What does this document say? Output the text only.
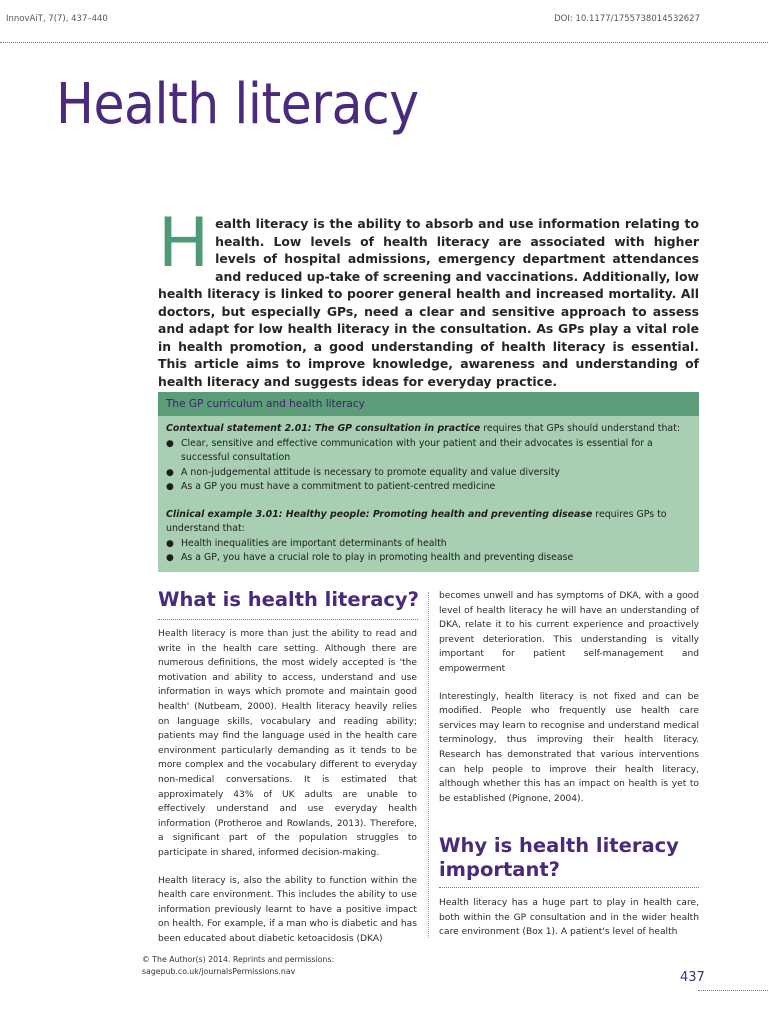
InnovAiT, 7(7), 437–440	DOI: 10.1177/1755738014532627
Health literacy
H ealth literacy is the ability to absorb and use information relating to health. Low levels of health literacy are associated with higher levels of hospital admissions, emergency department attendances and reduced up-take of screening and vaccinations. Additionally, low health literacy is linked to poorer general health and increased mortality. All doctors, but especially GPs, need a clear and sensitive approach to assess and adapt for low health literacy in the consultation. As GPs play a vital role in health promotion, a good understanding of health literacy is essential. This article aims to improve knowledge, awareness and understanding of health literacy and suggests ideas for everyday practice.
The GP curriculum and health literacy
Contextual statement 2.01: The GP consultation in practice requires that GPs should understand that:
● Clear, sensitive and effective communication with your patient and their advocates is essential for a successful consultation
● A non-judgemental attitude is necessary to promote equality and value diversity
● As a GP you must have a commitment to patient-centred medicine
Clinical example 3.01: Healthy people: Promoting health and preventing disease requires GPs to understand that:
● Health inequalities are important determinants of health
● As a GP, you have a crucial role to play in promoting health and preventing disease
What is health literacy?

Health literacy is more than just the ability to read and write in the health care setting. Although there are numerous definitions, the most widely accepted is 'the motivation and ability to access, understand and use information in ways which promote and maintain good health' (Nutbeam, 2000). Health literacy heavily relies on language skills, vocabulary and reading ability; patients may find the language used in the health care environment particularly demanding as it tends to be more complex and the vocabulary different to everyday non-medical conversations. It is estimated that approximately 43% of UK adults are unable to effectively understand and use everyday health information (Protheroe and Rowlands, 2013). Therefore, a significant part of the population struggles to participate in shared, informed decision-making.

Health literacy is, also the ability to function within the health care environment. This includes the ability to use information previously learnt to have a positive impact on health. For example, if a man who is diabetic and has been educated about diabetic ketoacidosis (DKA)

becomes unwell and has symptoms of DKA, with a good level of health literacy he will have an understanding of DKA, relate it to his current experience and proactively prevent deterioration. This understanding is vitally important for patient self-management and empowerment

Interestingly, health literacy is not fixed and can be modified. People who frequently use health care services may learn to recognise and understand medical terminology, thus improving their health literacy. Research has demonstrated that various interventions can help people to improve their health literacy, although whether this has an impact on health is yet to be established (Pignone, 2004).

Why is health literacy important?

Health literacy has a huge part to play in health care, both within the GP consultation and in the wider health care environment (Box 1). A patient's level of health

© The Author(s) 2014. Reprints and permissions:
sagepub.co.uk/journalsPermissions.nav	437
